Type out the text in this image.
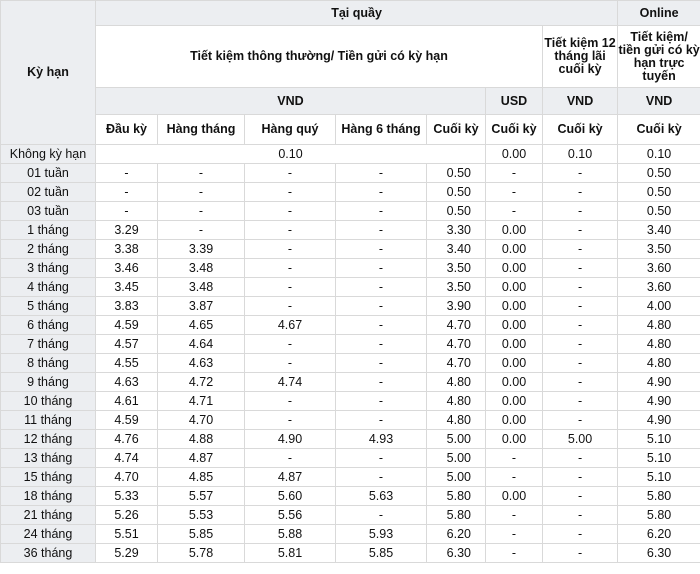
Kỳ hạn	Tại quầy							Online
	Tiết kiệm thông thường/ Tiền gửi có kỳ hạn						Tiết kiệm 12 tháng lãi cuối kỳ	Tiết kiệm/ tiền gửi có kỳ hạn trực tuyến
	VND					USD	VND	VND
	Đầu kỳ	Hàng tháng	Hàng quý	Hàng 6 tháng	Cuối kỳ	Cuối kỳ	Cuối kỳ	Cuối kỳ
Không kỳ hạn	0.10					0.00	0.10	0.10
01 tuần	-	-	-	-	0.50	-	-	0.50
02 tuần	-	-	-	-	0.50	-	-	0.50
03 tuần	-	-	-	-	0.50	-	-	0.50
1 tháng	3.29	-	-	-	3.30	0.00	-	3.40
2 tháng	3.38	3.39	-	-	3.40	0.00	-	3.50
3 tháng	3.46	3.48	-	-	3.50	0.00	-	3.60
4 tháng	3.45	3.48	-	-	3.50	0.00	-	3.60
5 tháng	3.83	3.87	-	-	3.90	0.00	-	4.00
6 tháng	4.59	4.65	4.67	-	4.70	0.00	-	4.80
7 tháng	4.57	4.64	-	-	4.70	0.00	-	4.80
8 tháng	4.55	4.63	-	-	4.70	0.00	-	4.80
9 tháng	4.63	4.72	4.74	-	4.80	0.00	-	4.90
10 tháng	4.61	4.71	-	-	4.80	0.00	-	4.90
11 tháng	4.59	4.70	-	-	4.80	0.00	-	4.90
12 tháng	4.76	4.88	4.90	4.93	5.00	0.00	5.00	5.10
13 tháng	4.74	4.87	-	-	5.00	-	-	5.10
15 tháng	4.70	4.85	4.87	-	5.00	-	-	5.10
18 tháng	5.33	5.57	5.60	5.63	5.80	0.00	-	5.80
21 tháng	5.26	5.53	5.56	-	5.80	-	-	5.80
24 tháng	5.51	5.85	5.88	5.93	6.20	-	-	6.20
36 tháng	5.29	5.78	5.81	5.85	6.30	-	-	6.30
